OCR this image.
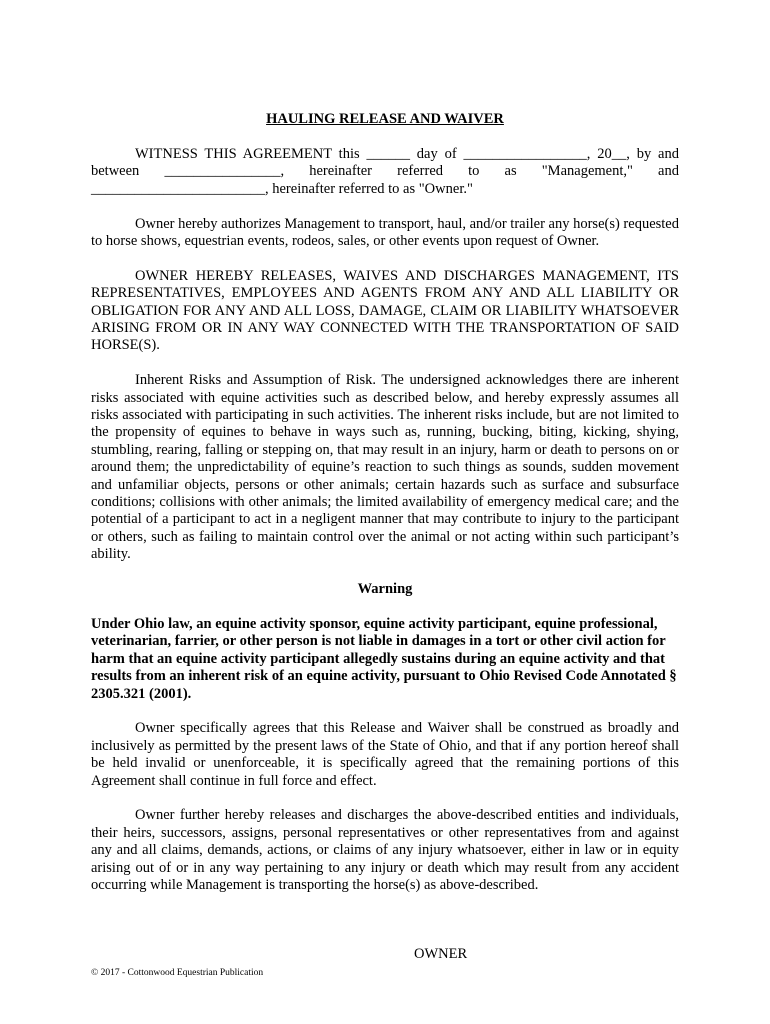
HAULING RELEASE AND WAIVER

WITNESS THIS AGREEMENT this ______ day of _________________, 20__, by and between ________________, hereinafter referred to as "Management," and ________________________, hereinafter referred to as "Owner."

Owner hereby authorizes Management to transport, haul, and/or trailer any horse(s) requested to horse shows, equestrian events, rodeos, sales, or other events upon request of Owner.

OWNER HEREBY RELEASES, WAIVES AND DISCHARGES MANAGEMENT, ITS REPRESENTATIVES, EMPLOYEES AND AGENTS FROM ANY AND ALL LIABILITY OR OBLIGATION FOR ANY AND ALL LOSS, DAMAGE, CLAIM OR LIABILITY WHATSOEVER ARISING FROM OR IN ANY WAY CONNECTED WITH THE TRANSPORTATION OF SAID HORSE(S).

Inherent Risks and Assumption of Risk. The undersigned acknowledges there are inherent risks associated with equine activities such as described below, and hereby expressly assumes all risks associated with participating in such activities. The inherent risks include, but are not limited to the propensity of equines to behave in ways such as, running, bucking, biting, kicking, shying, stumbling, rearing, falling or stepping on, that may result in an injury, harm or death to persons on or around them; the unpredictability of equine’s reaction to such things as sounds, sudden movement and unfamiliar objects, persons or other animals; certain hazards such as surface and subsurface conditions; collisions with other animals; the limited availability of emergency medical care; and the potential of a participant to act in a negligent manner that may contribute to injury to the participant or others, such as failing to maintain control over the animal or not acting within such participant’s ability.

Warning

Under Ohio law, an equine activity sponsor, equine activity participant, equine professional, veterinarian, farrier, or other person is not liable in damages in a tort or other civil action for harm that an equine activity participant allegedly sustains during an equine activity and that results from an inherent risk of an equine activity, pursuant to Ohio Revised Code Annotated § 2305.321 (2001).

Owner specifically agrees that this Release and Waiver shall be construed as broadly and inclusively as permitted by the present laws of the State of Ohio, and that if any portion hereof shall be held invalid or unenforceable, it is specifically agreed that the remaining portions of this Agreement shall continue in full force and effect.

Owner further hereby releases and discharges the above-described entities and individuals, their heirs, successors, assigns, personal representatives or other representatives from and against any and all claims, demands, actions, or claims of any injury whatsoever, either in law or in equity arising out of or in any way pertaining to any injury or death which may result from any accident occurring while Management is transporting the horse(s) as above-described.

OWNER
© 2017 - Cottonwood Equestrian Publication
